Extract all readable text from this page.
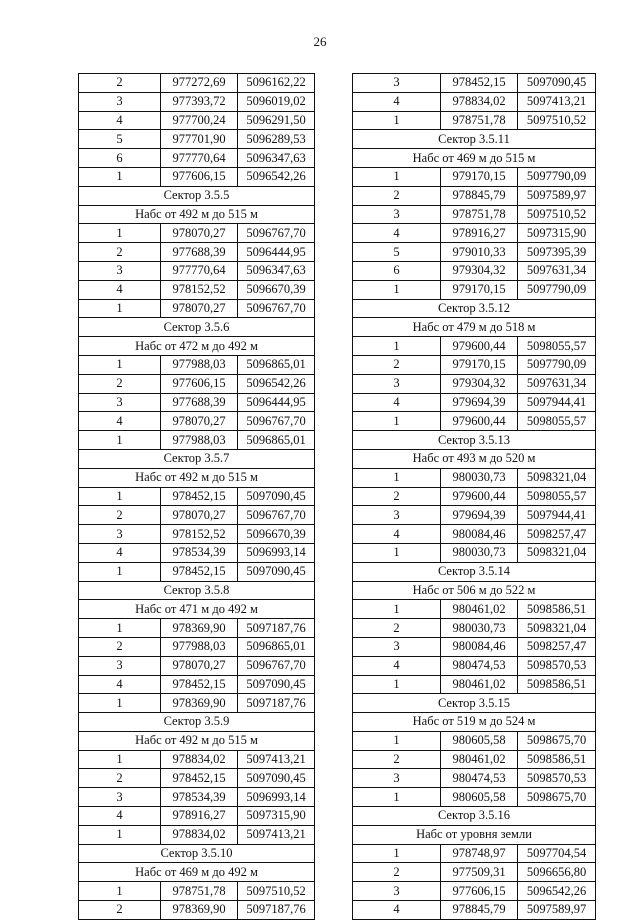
26
2	977272,69	5096162,22
3	977393,72	5096019,02
4	977700,24	5096291,50
5	977701,90	5096289,53
6	977770,64	5096347,63
1	977606,15	5096542,26
Сектор 3.5.5		
Набс от 492 м до 515 м		
1	978070,27	5096767,70
2	977688,39	5096444,95
3	977770,64	5096347,63
4	978152,52	5096670,39
1	978070,27	5096767,70
Сектор 3.5.6		
Набс от 472 м до 492 м		
1	977988,03	5096865,01
2	977606,15	5096542,26
3	977688,39	5096444,95
4	978070,27	5096767,70
1	977988,03	5096865,01
Сектор 3.5.7		
Набс от 492 м до 515 м		
1	978452,15	5097090,45
2	978070,27	5096767,70
3	978152,52	5096670,39
4	978534,39	5096993,14
1	978452,15	5097090,45
Сектор 3.5.8		
Набс от 471 м до 492 м		
1	978369,90	5097187,76
2	977988,03	5096865,01
3	978070,27	5096767,70
4	978452,15	5097090,45
1	978369,90	5097187,76
Сектор 3.5.9		
Набс от 492 м до 515 м		
1	978834,02	5097413,21
2	978452,15	5097090,45
3	978534,39	5096993,14
4	978916,27	5097315,90
1	978834,02	5097413,21
Сектор 3.5.10		
Набс от 469 м до 492 м		
1	978751,78	5097510,52
2	978369,90	5097187,76
3	978452,15	5097090,45
4	978834,02	5097413,21
1	978751,78	5097510,52
Сектор 3.5.11		
Набс от 469 м до 515 м		
1	979170,15	5097790,09
2	978845,79	5097589,97
3	978751,78	5097510,52
4	978916,27	5097315,90
5	979010,33	5097395,39
6	979304,32	5097631,34
1	979170,15	5097790,09
Сектор 3.5.12		
Набс от 479 м до 518 м		
1	979600,44	5098055,57
2	979170,15	5097790,09
3	979304,32	5097631,34
4	979694,39	5097944,41
1	979600,44	5098055,57
Сектор 3.5.13		
Набс от 493 м до 520 м		
1	980030,73	5098321,04
2	979600,44	5098055,57
3	979694,39	5097944,41
4	980084,46	5098257,47
1	980030,73	5098321,04
Сектор 3.5.14		
Набс от 506 м до 522 м		
1	980461,02	5098586,51
2	980030,73	5098321,04
3	980084,46	5098257,47
4	980474,53	5098570,53
1	980461,02	5098586,51
Сектор 3.5.15		
Набс от 519 м до 524 м		
1	980605,58	5098675,70
2	980461,02	5098586,51
3	980474,53	5098570,53
1	980605,58	5098675,70
Сектор 3.5.16		
Набс от уровня земли		
1	978748,97	5097704,54
2	977509,31	5096656,80
3	977606,15	5096542,26
4	978845,79	5097589,97
